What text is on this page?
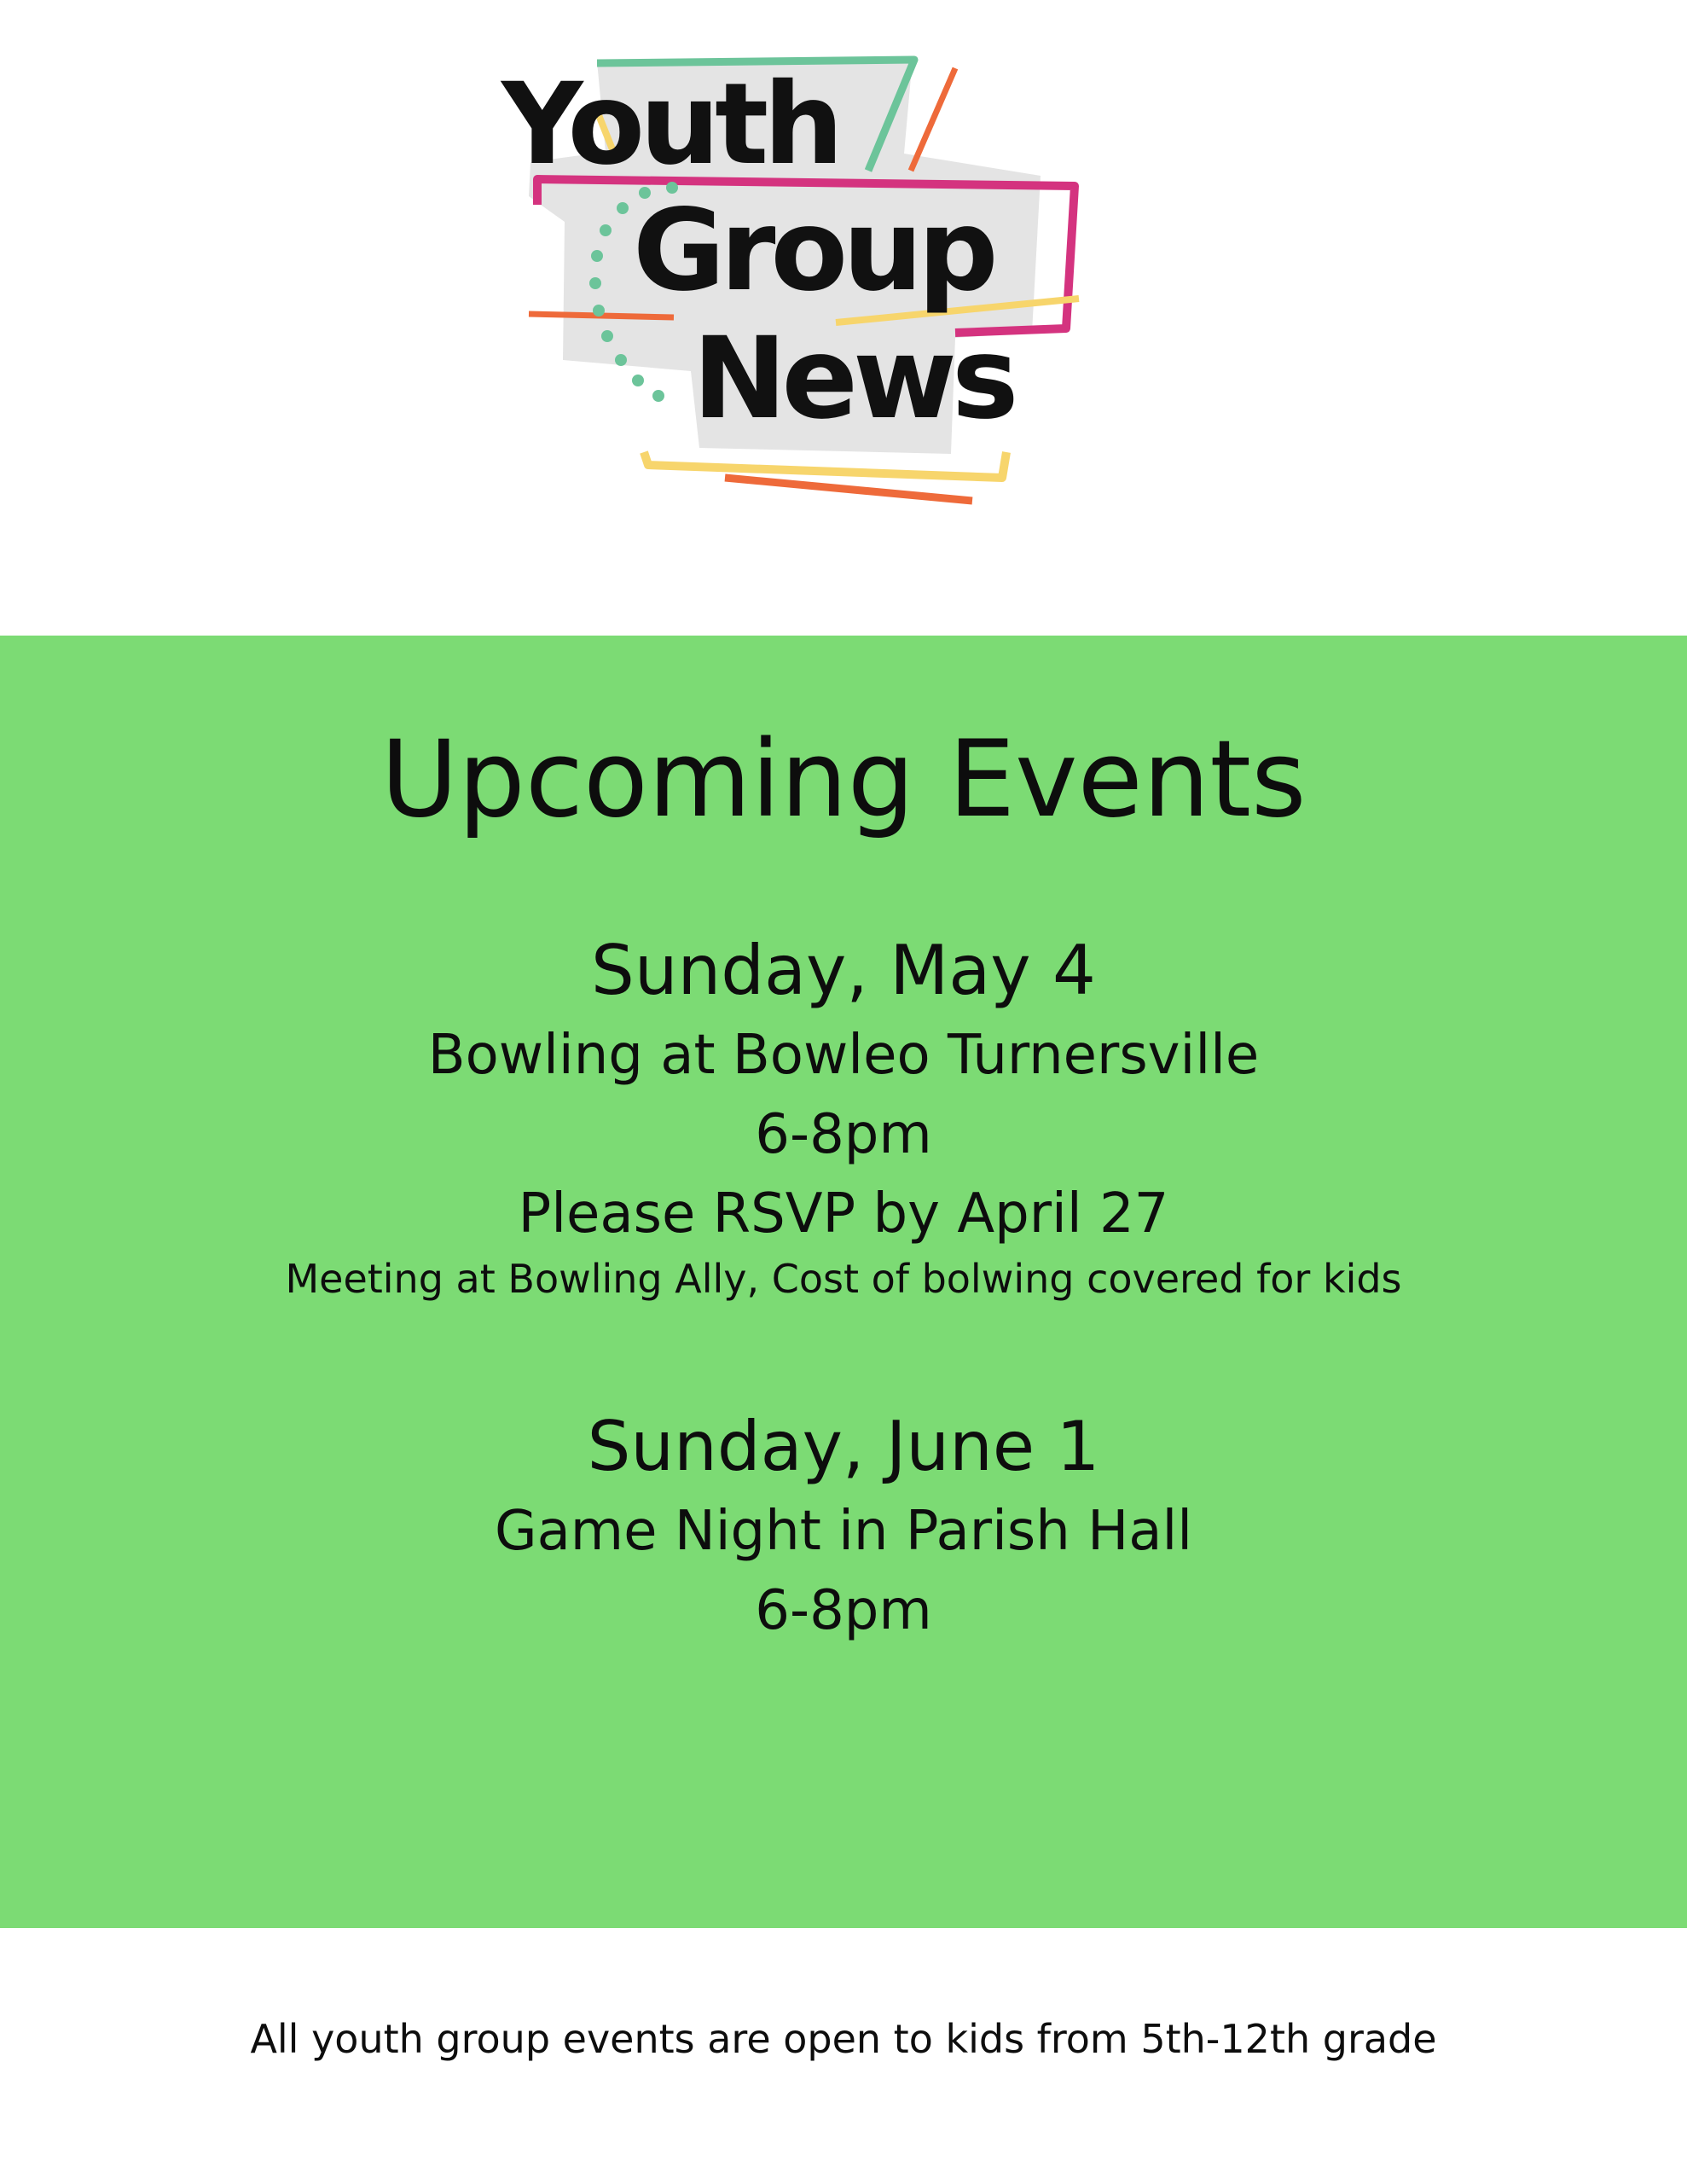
Youth
Group
News
Upcoming Events
Sunday, May 4
Bowling at Bowleo Turnersville
6-8pm
Please RSVP by April 27
Meeting at Bowling Ally, Cost of bolwing covered for kids
Sunday, June 1
Game Night in Parish Hall
6-8pm
All youth group events are open to kids from 5th-12th grade
